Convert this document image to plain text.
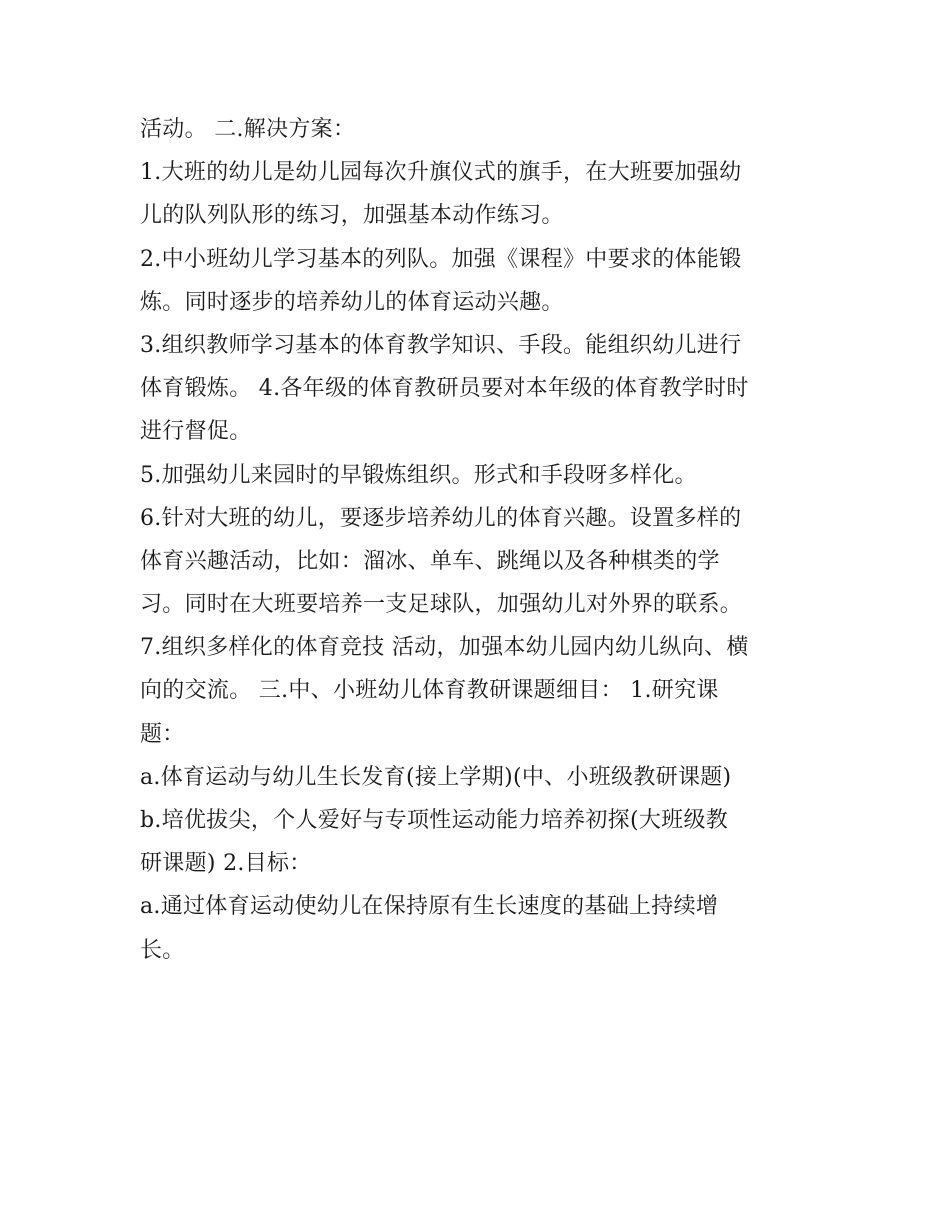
活动。 二.解决方案：
1.大班的幼儿是幼儿园每次升旗仪式的旗手，在大班要加强幼
儿的队列队形的练习，加强基本动作练习。
2.中小班幼儿学习基本的列队。加强《课程》中要求的体能锻
炼。同时逐步的培养幼儿的体育运动兴趣。
3.组织教师学习基本的体育教学知识、手段。能组织幼儿进行
体育锻炼。 4.各年级的体育教研员要对本年级的体育教学时时
进行督促。
5.加强幼儿来园时的早锻炼组织。形式和手段呀多样化。
6.针对大班的幼儿，要逐步培养幼儿的体育兴趣。设置多样的
体育兴趣活动，比如：溜冰、单车、跳绳以及各种棋类的学
习。同时在大班要培养一支足球队，加强幼儿对外界的联系。
7.组织多样化的体育竞技 活动，加强本幼儿园内幼儿纵向、横
向的交流。 三.中、小班幼儿体育教研课题细目： 1.研究课
题：
a.体育运动与幼儿生长发育(接上学期)(中、小班级教研课题)
b.培优拔尖，个人爱好与专项性运动能力培养初探(大班级教
研课题) 2.目标：
a.通过体育运动使幼儿在保持原有生长速度的基础上持续增
长。
